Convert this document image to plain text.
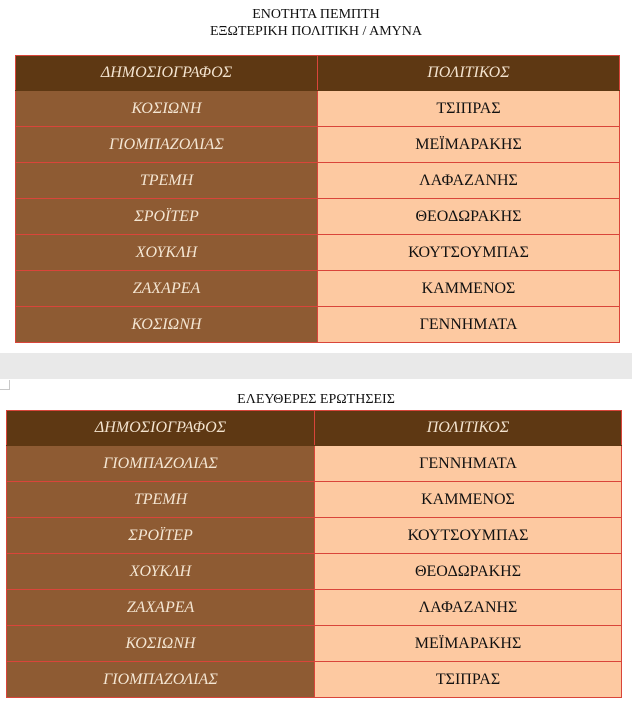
ΕΝΟΤΗΤΑ ΠΕΜΠΤΗ
ΕΞΩΤΕΡΙΚΗ ΠΟΛΙΤΙΚΗ / ΑΜΥΝΑ
ΔΗΜΟΣΙΟΓΡΑΦΟΣ	ΠΟΛΙΤΙΚΟΣ
ΚΟΣΙΩΝΗ	ΤΣΙΠΡΑΣ
ΓΙΟΜΠΑΖΟΛΙΑΣ	ΜΕΪΜΑΡΑΚΗΣ
ΤΡΕΜΗ	ΛΑΦΑΖΑΝΗΣ
ΣΡΟΪΤΕΡ	ΘΕΟΔΩΡΑΚΗΣ
ΧΟΥΚΛΗ	ΚΟΥΤΣΟΥΜΠΑΣ
ΖΑΧΑΡΕΑ	ΚΑΜΜΕΝΟΣ
ΚΟΣΙΩΝΗ	ΓΕΝΝΗΜΑΤΑ
ΕΛΕΥΘΕΡΕΣ ΕΡΩΤΗΣΕΙΣ
ΔΗΜΟΣΙΟΓΡΑΦΟΣ	ΠΟΛΙΤΙΚΟΣ
ΓΙΟΜΠΑΖΟΛΙΑΣ	ΓΕΝΝΗΜΑΤΑ
ΤΡΕΜΗ	ΚΑΜΜΕΝΟΣ
ΣΡΟΪΤΕΡ	ΚΟΥΤΣΟΥΜΠΑΣ
ΧΟΥΚΛΗ	ΘΕΟΔΩΡΑΚΗΣ
ΖΑΧΑΡΕΑ	ΛΑΦΑΖΑΝΗΣ
ΚΟΣΙΩΝΗ	ΜΕΪΜΑΡΑΚΗΣ
ΓΙΟΜΠΑΖΟΛΙΑΣ	ΤΣΙΠΡΑΣ
